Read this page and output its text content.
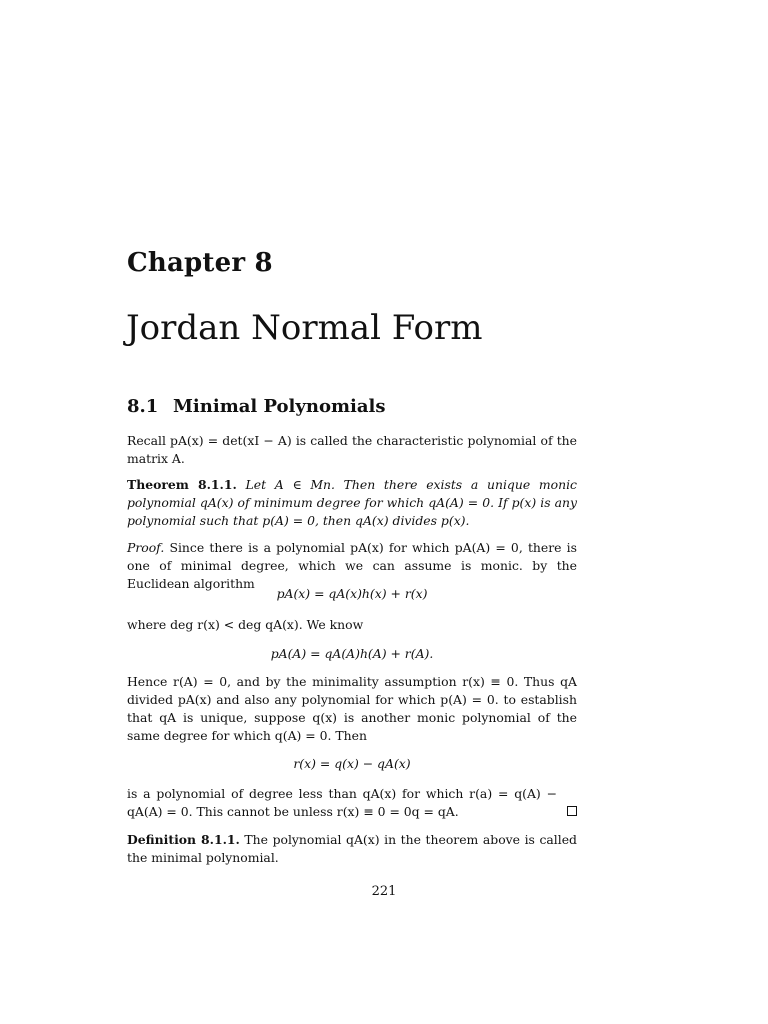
Chapter 8
Jordan Normal Form
8.1 Minimal Polynomials
Recall pA(x) = det(xI − A) is called the characteristic polynomial of the matrix A.
Theorem 8.1.1. Let A ∈ Mn. Then there exists a unique monic polynomial qA(x) of minimum degree for which qA(A) = 0. If p(x) is any polynomial such that p(A) = 0, then qA(x) divides p(x).
Proof. Since there is a polynomial pA(x) for which pA(A) = 0, there is one of minimal degree, which we can assume is monic. by the Euclidean algorithm
pA(x) = qA(x)h(x) + r(x)
where deg r(x) < deg qA(x). We know
pA(A) = qA(A)h(A) + r(A).
Hence r(A) = 0, and by the minimality assumption r(x) ≡ 0. Thus qA divided pA(x) and also any polynomial for which p(A) = 0. to establish that qA is unique, suppose q(x) is another monic polynomial of the same degree for which q(A) = 0. Then
r(x) = q(x) − qA(x)
is a polynomial of degree less than qA(x) for which r(a) = q(A) − qA(A) = 0. This cannot be unless r(x) ≡ 0 = 0q = qA.
Definition 8.1.1. The polynomial qA(x) in the theorem above is called the minimal polynomial.
221
